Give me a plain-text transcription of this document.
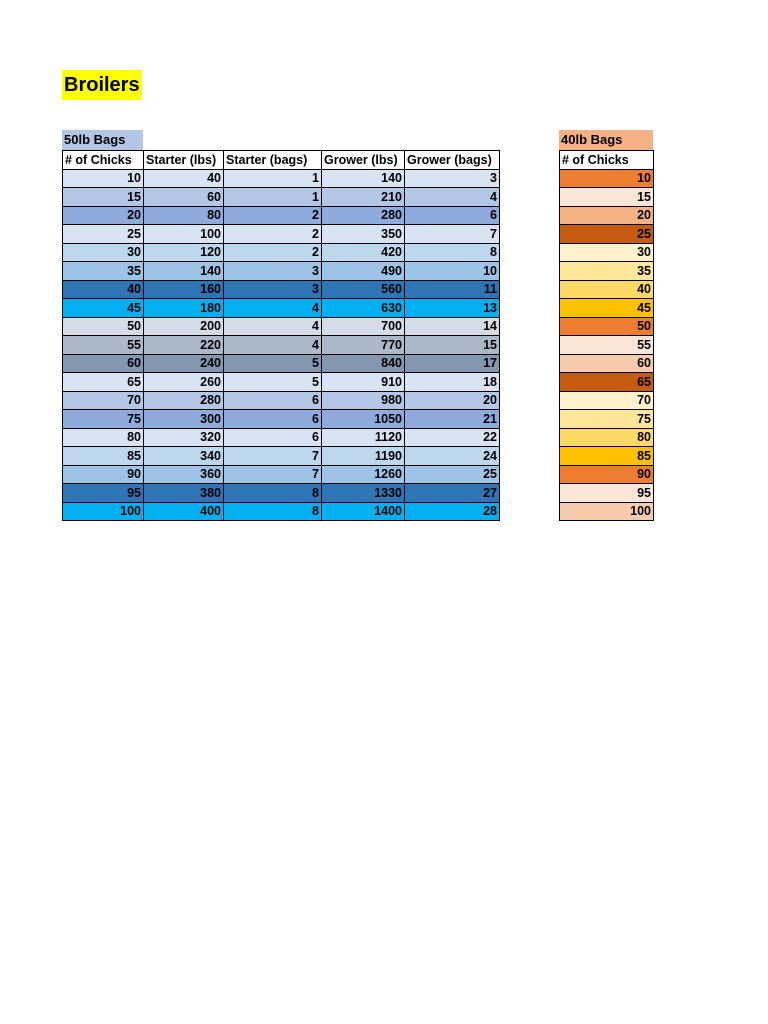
Broilers
50lb Bags	40lb Bags
# of Chicks	Starter (lbs)	Starter (bags)	Grower (lbs)	Grower (bags)
10	40	1	140	3
15	60	1	210	4
20	80	2	280	6
25	100	2	350	7
30	120	2	420	8
35	140	3	490	10
40	160	3	560	11
45	180	4	630	13
50	200	4	700	14
55	220	4	770	15
60	240	5	840	17
65	260	5	910	18
70	280	6	980	20
75	300	6	1050	21
80	320	6	1120	22
85	340	7	1190	24
90	360	7	1260	25
95	380	8	1330	27
100	400	8	1400	28
# of Chicks
10
15
20
25
30
35
40
45
50
55
60
65
70
75
80
85
90
95
100
